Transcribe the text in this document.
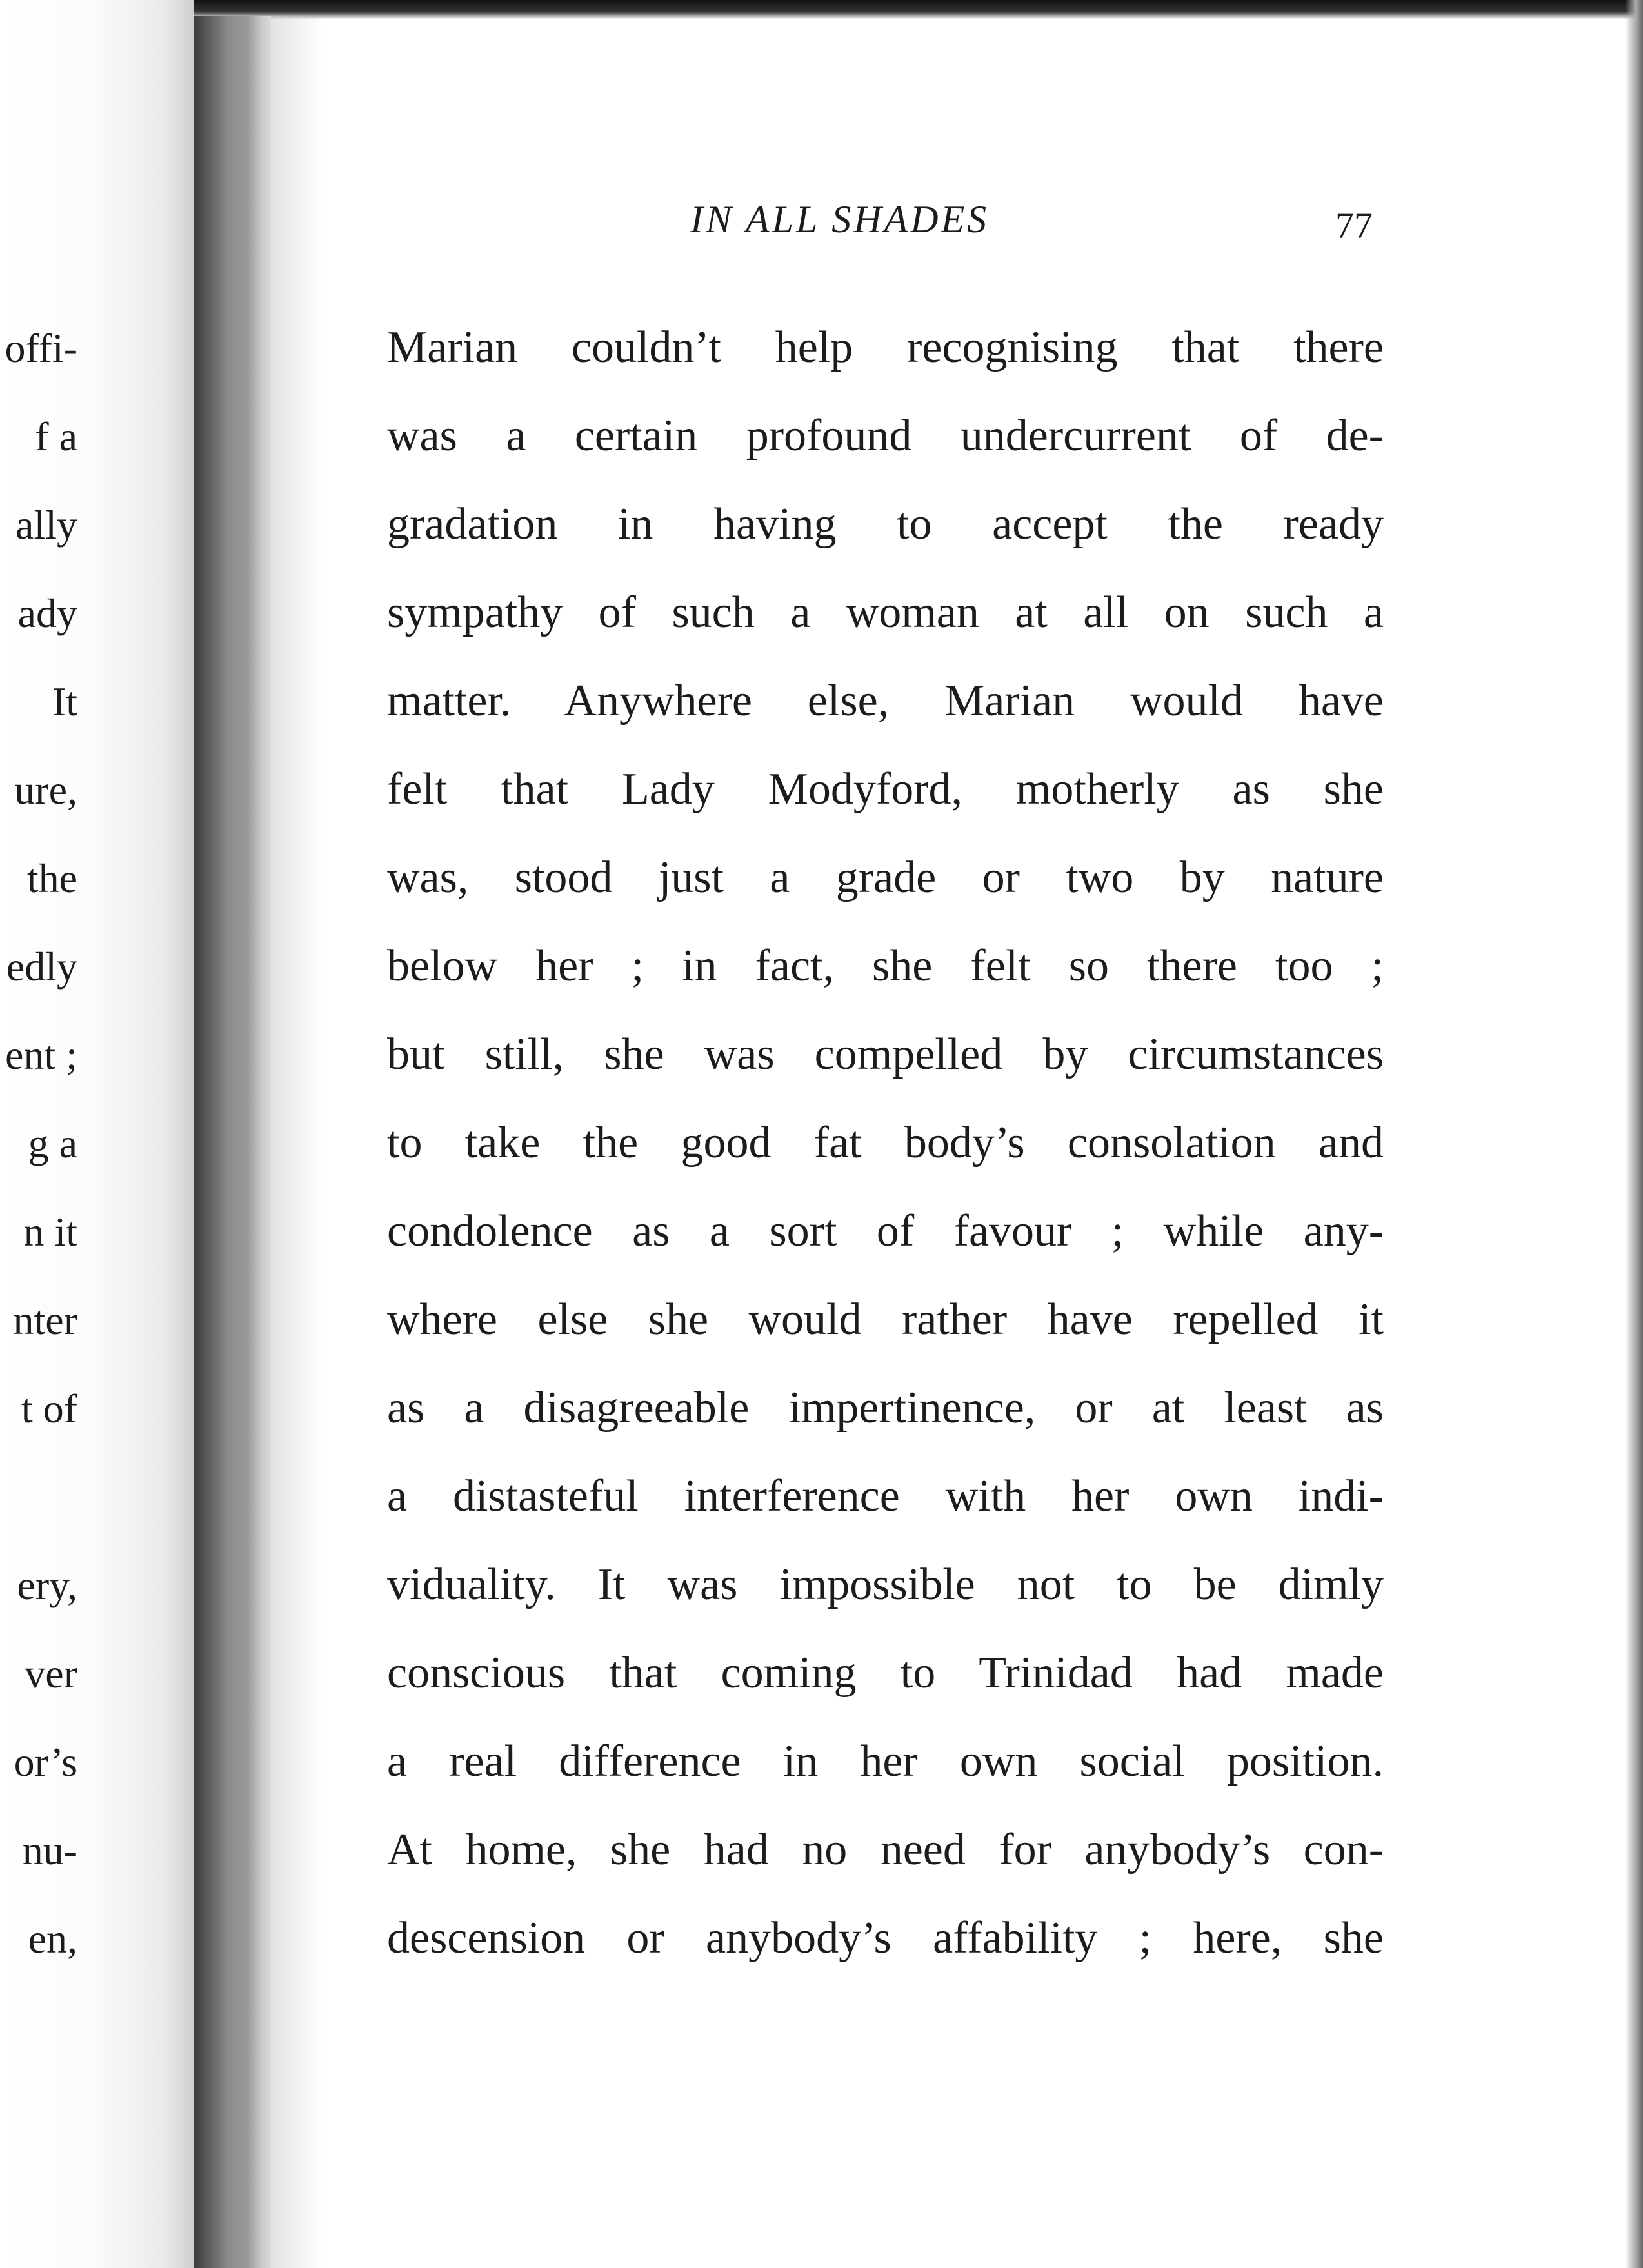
offi-
f a
ally
ady
It
ure,
the
edly
ent ;
g a
n it
nter
t of
ery,
ver
or’s
nu-
en,
IN ALL SHADES	77
Marian couldn’t help recognising that there
was a certain profound undercurrent of de-
gradation in having to accept the ready
sympathy of such a woman at all on such a
matter. Anywhere else, Marian would have
felt that Lady Modyford, motherly as she
was, stood just a grade or two by nature
below her ; in fact, she felt so there too ;
but still, she was compelled by circumstances
to take the good fat body’s consolation and
condolence as a sort of favour ; while any-
where else she would rather have repelled it
as a disagreeable impertinence, or at least as
a distasteful interference with her own indi-
viduality. It was impossible not to be dimly
conscious that coming to Trinidad had made
a real difference in her own social position.
At home, she had no need for anybody’s con-
descension or anybody’s affability ; here, she
